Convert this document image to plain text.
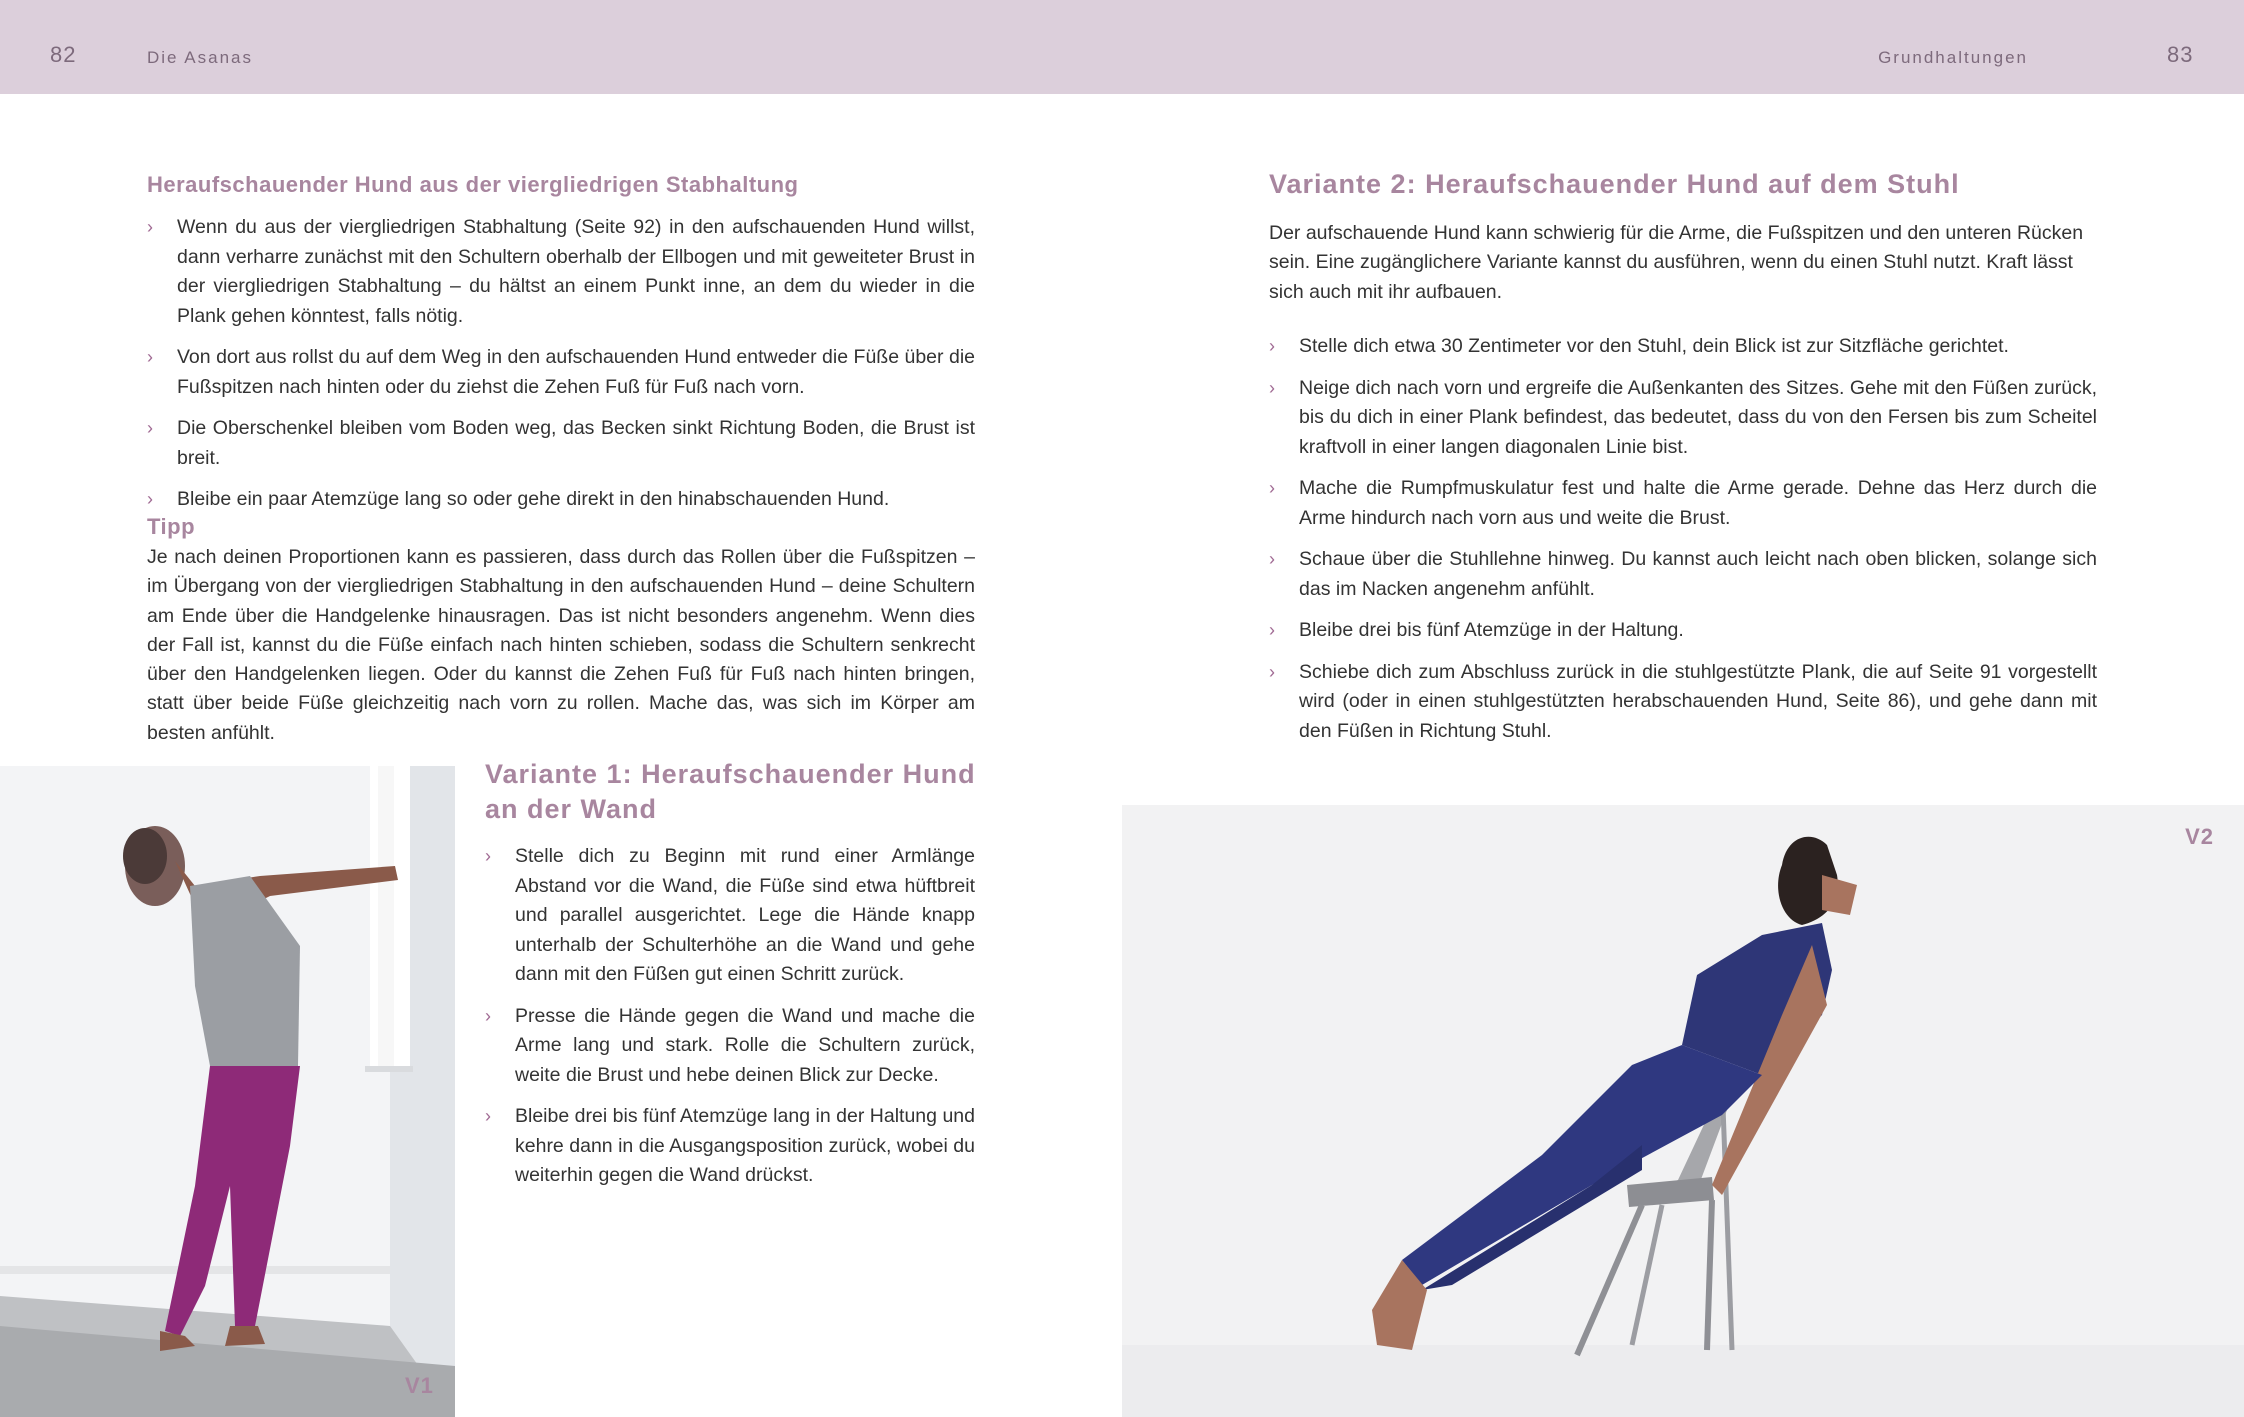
82	Die Asanas	Grundhaltungen	83
Heraufschauender Hund aus der viergliedrigen Stabhaltung
› Wenn du aus der viergliedrigen Stabhaltung (Seite 92) in den aufschauenden Hund willst, dann verharre zunächst mit den Schultern oberhalb der Ellbogen und mit geweiteter Brust in der viergliedrigen Stabhaltung – du hältst an einem Punkt inne, an dem du wieder in die Plank gehen könntest, falls nötig.
› Von dort aus rollst du auf dem Weg in den aufschauenden Hund entweder die Füße über die Fußspitzen nach hinten oder du ziehst die Zehen Fuß für Fuß nach vorn.
› Die Oberschenkel bleiben vom Boden weg, das Becken sinkt Richtung Boden, die Brust ist breit.
› Bleibe ein paar Atemzüge lang so oder gehe direkt in den hinabschauenden Hund.
Tipp

Je nach deinen Proportionen kann es passieren, dass durch das Rollen über die Fußspitzen – im Übergang von der viergliedrigen Stabhaltung in den aufschauenden Hund – deine Schultern am Ende über die Handgelenke hinausragen. Das ist nicht besonders angenehm. Wenn dies der Fall ist, kannst du die Füße einfach nach hinten schieben, sodass die Schultern senkrecht über den Handgelenken liegen. Oder du kannst die Zehen Fuß für Fuß nach hinten bringen, statt über beide Füße gleichzeitig nach vorn zu rollen. Mache das, was sich im Körper am besten anfühlt.

V1
Variante 1: Heraufschauender Hund an der Wand
› Stelle dich zu Beginn mit rund einer Armlänge Abstand vor die Wand, die Füße sind etwa hüftbreit und parallel ausgerichtet. Lege die Hände knapp unterhalb der Schulterhöhe an die Wand und gehe dann mit den Füßen gut einen Schritt zurück.
› Presse die Hände gegen die Wand und mache die Arme lang und stark. Rolle die Schultern zurück, weite die Brust und hebe deinen Blick zur Decke.
› Bleibe drei bis fünf Atemzüge lang in der Haltung und kehre dann in die Ausgangsposition zurück, wobei du weiterhin gegen die Wand drückst.
Variante 2: Heraufschauender Hund auf dem Stuhl

Der aufschauende Hund kann schwierig für die Arme, die Fußspitzen und den unteren Rücken sein. Eine zugänglichere Variante kannst du ausführen, wenn du einen Stuhl nutzt. Kraft lässt sich auch mit ihr aufbauen.

› Stelle dich etwa 30 Zentimeter vor den Stuhl, dein Blick ist zur Sitzfläche gerichtet.
› Neige dich nach vorn und ergreife die Außenkanten des Sitzes. Gehe mit den Füßen zurück, bis du dich in einer Plank befindest, das bedeutet, dass du von den Fersen bis zum Scheitel kraftvoll in einer langen diagonalen Linie bist.
› Mache die Rumpfmuskulatur fest und halte die Arme gerade. Dehne das Herz durch die Arme hindurch nach vorn aus und weite die Brust.
› Schaue über die Stuhllehne hinweg. Du kannst auch leicht nach oben blicken, solange sich das im Nacken angenehm anfühlt.
› Bleibe drei bis fünf Atemzüge in der Haltung.
› Schiebe dich zum Abschluss zurück in die stuhlgestützte Plank, die auf Seite 91 vorgestellt wird (oder in einen stuhlgestützten herabschauenden Hund, Seite 86), und gehe dann mit den Füßen in Richtung Stuhl.
V2
